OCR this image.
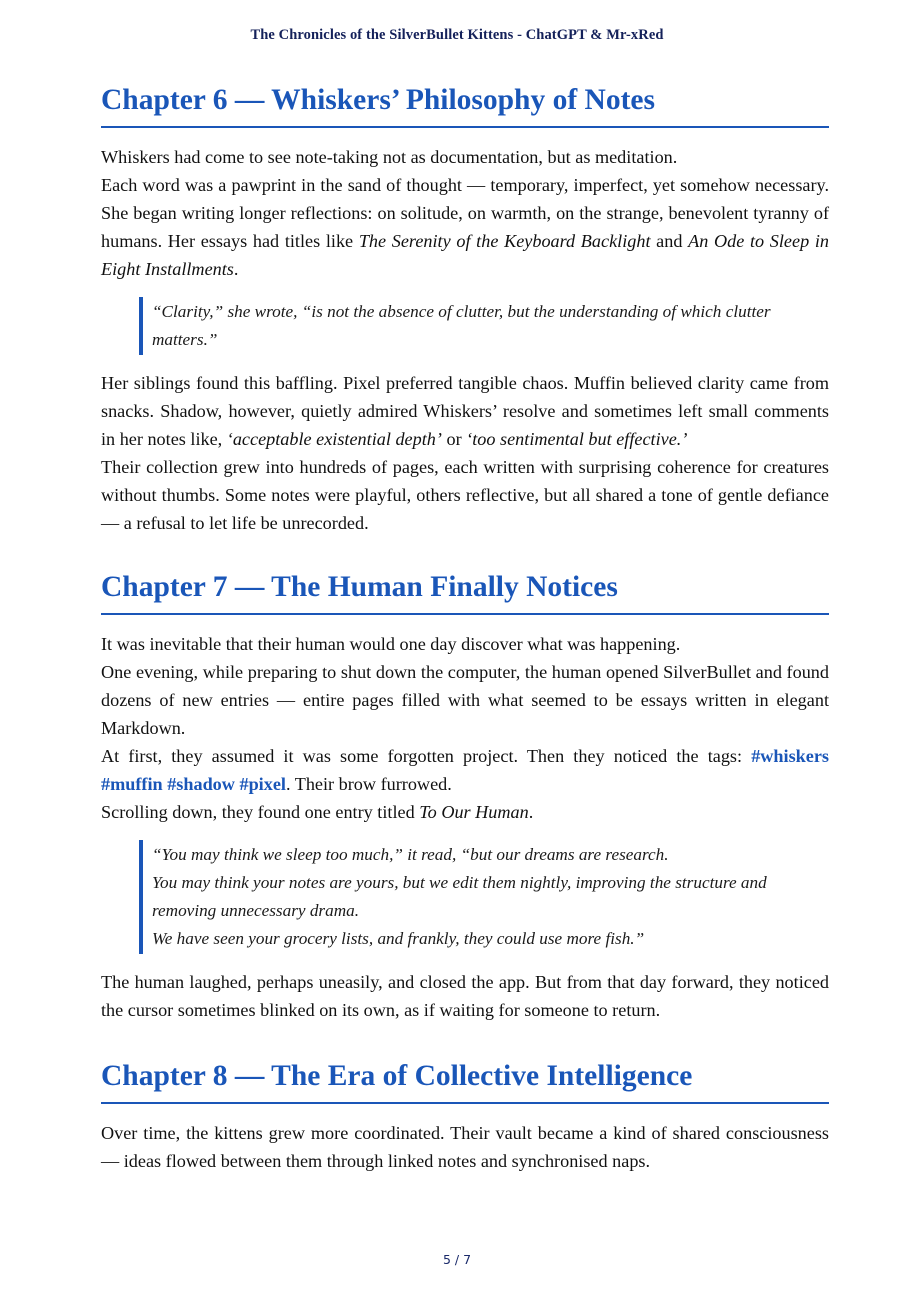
The Chronicles of the SilverBullet Kittens - ChatGPT & Mr-xRed
Chapter 6 — Whiskers’ Philosophy of Notes

Whiskers had come to see note-taking not as documentation, but as meditation.

Each word was a pawprint in the sand of thought — temporary, imperfect, yet somehow necessary. She began writing longer reflections: on solitude, on warmth, on the strange, benevolent tyranny of humans. Her essays had titles like The Serenity of the Keyboard Backlight and An Ode to Sleep in Eight Installments.

“Clarity,” she wrote, “is not the absence of clutter, but the understanding of which clutter matters.”

Her siblings found this baffling. Pixel preferred tangible chaos. Muffin believed clarity came from snacks. Shadow, however, quietly admired Whiskers’ resolve and sometimes left small comments in her notes like, ‘acceptable existential depth’ or ‘too sentimental but effective.’

Their collection grew into hundreds of pages, each written with surprising coherence for creatures without thumbs. Some notes were playful, others reflective, but all shared a tone of gentle defiance — a refusal to let life be unrecorded.

Chapter 7 — The Human Finally Notices

It was inevitable that their human would one day discover what was happening.

One evening, while preparing to shut down the computer, the human opened SilverBullet and found dozens of new entries — entire pages filled with what seemed to be essays written in elegant Markdown.

At first, they assumed it was some forgotten project. Then they noticed the tags: #whiskers #muffin #shadow #pixel. Their brow furrowed.

Scrolling down, they found one entry titled To Our Human.

“You may think we sleep too much,” it read, “but our dreams are research.

You may think your notes are yours, but we edit them nightly, improving the structure and removing unnecessary drama.

We have seen your grocery lists, and frankly, they could use more fish.”

The human laughed, perhaps uneasily, and closed the app. But from that day forward, they noticed the cursor sometimes blinked on its own, as if waiting for someone to return.

Chapter 8 — The Era of Collective Intelligence

Over time, the kittens grew more coordinated. Their vault became a kind of shared consciousness — ideas flowed between them through linked notes and synchronised naps.

5 / 7
